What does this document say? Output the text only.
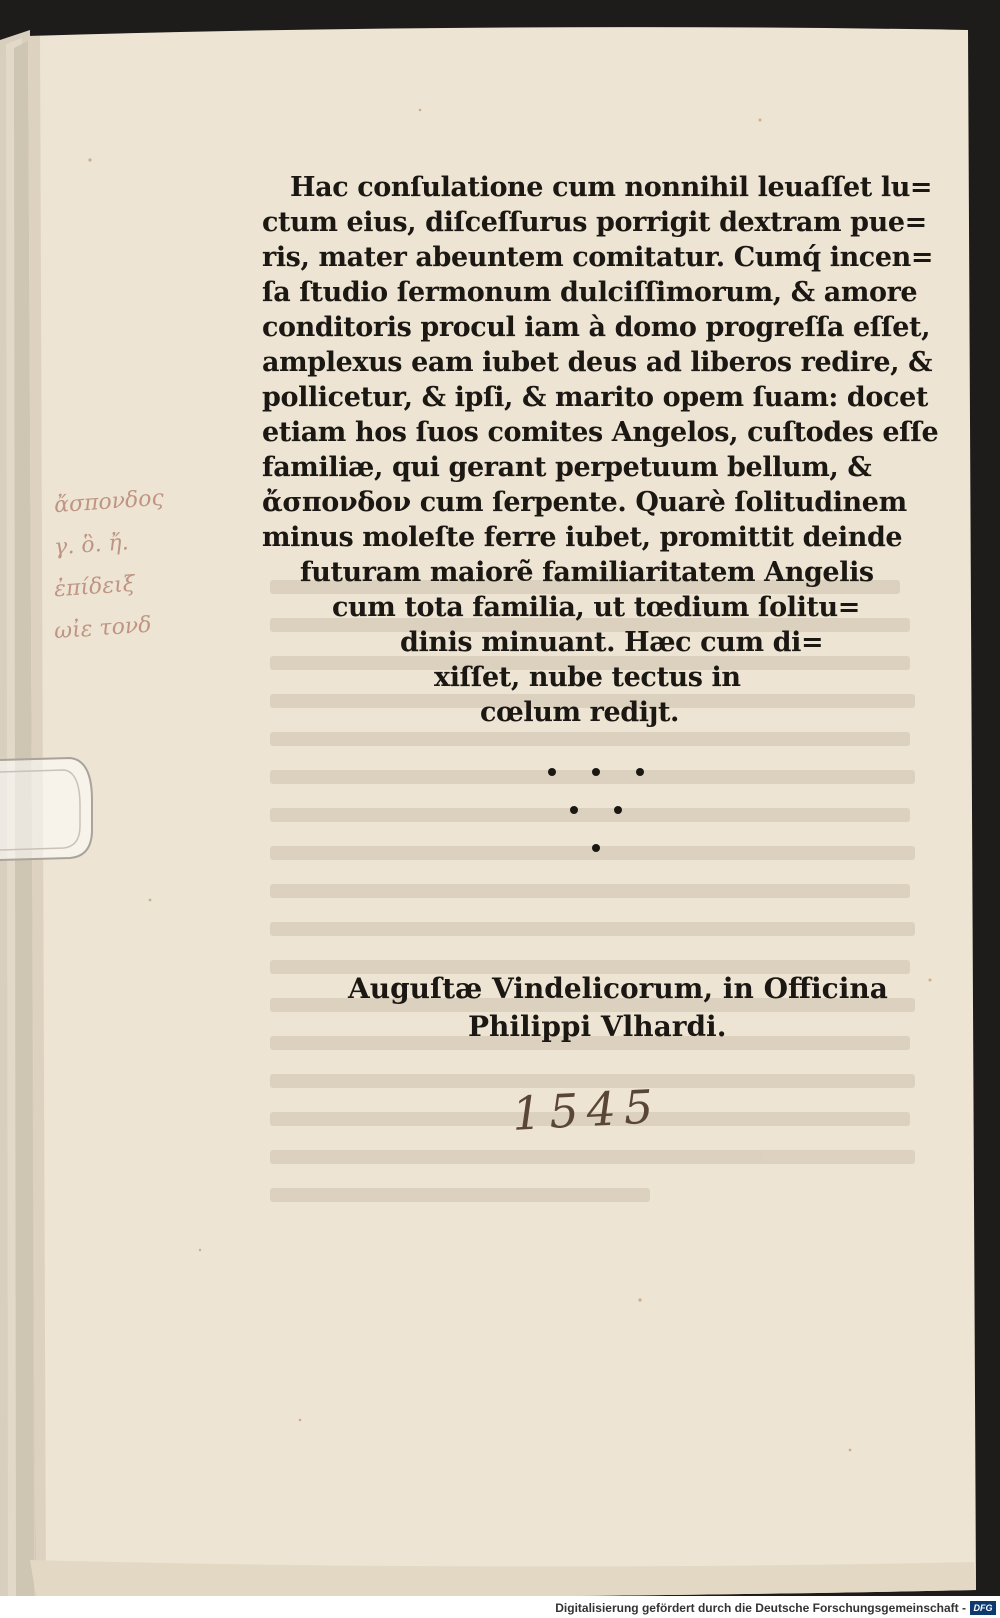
ἄσπονδος
γ. ὃ. ἤ.
ἐπίδειξ
ωἰε τονδ
Hac conſulatione cum nonnihil leuaſſet lu=
ctum eius, diſceſſurus porrigit dextram pue=
ris, mater abeuntem comitatur. Cumq́ incen=
ſa ſtudio ſermonum dulciſſimorum, & amore
conditoris procul iam à domo progreſſa eſſet,
amplexus eam iubet deus ad liberos redire, &
pollicetur, & ipſi, & marito opem ſuam: docet
etiam hos ſuos comites Angelos, cuſtodes eſſe
familiæ, qui gerant perpetuum bellum, &
ἄσπονδον cum ſerpente. Quarè ſolitudinem
minus moleſte ferre iubet, promittit deinde
futuram maiorẽ familiaritatem Angelis
cum tota familia, ut tœdium ſolitu=
dinis minuant. Hæc cum di=
xiſſet, nube tectus in
cœlum rediȷt.
Auguſtæ Vindelicorum, in Officina
Philippi Vlhardi.
1545
Digitalisierung gefördert durch die Deutsche Forschungsgemeinschaft - DFG
